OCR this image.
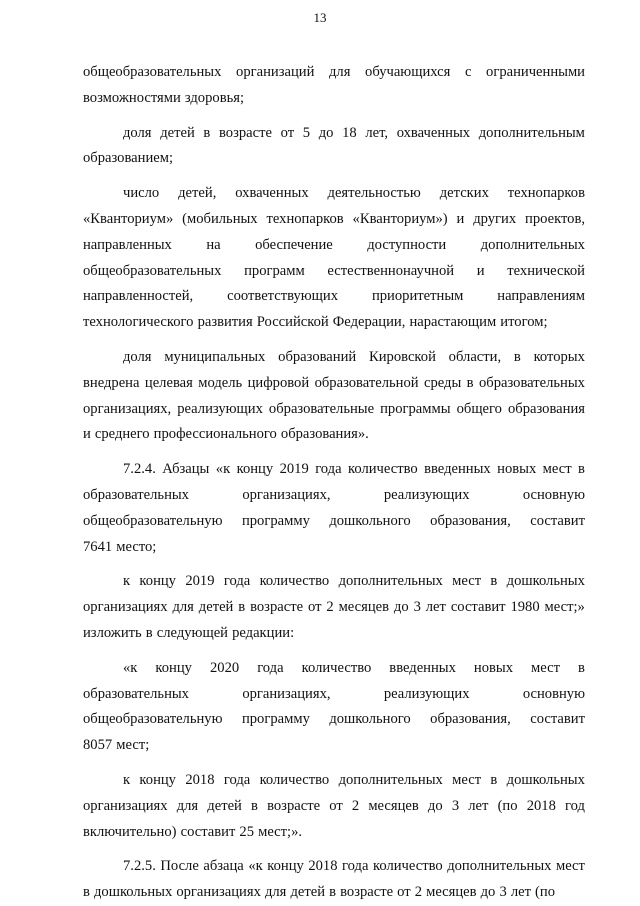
13
общеобразовательных организаций для обучающихся с ограниченными
возможностями здоровья;
доля детей в возрасте от 5 до 18 лет, охваченных дополнительным
образованием;
число детей, охваченных деятельностью детских технопарков
«Кванториум» (мобильных технопарков «Кванториум») и других проектов,
направленных на обеспечение доступности дополнительных
общеобразовательных программ естественнонаучной и технической
направленностей, соответствующих приоритетным направлениям
технологического развития Российской Федерации, нарастающим итогом;
доля муниципальных образований Кировской области, в которых
внедрена целевая модель цифровой образовательной среды в образовательных
организациях, реализующих образовательные программы общего образования
и среднего профессионального образования».
7.2.4. Абзацы «к концу 2019 года количество введенных новых мест в
образовательных	организациях,	реализующих	основную
общеобразовательную программу дошкольного образования, составит
7641 место;
к концу 2019 года количество дополнительных мест в дошкольных
организациях для детей в возрасте от 2 месяцев до 3 лет составит 1980 мест;»
изложить в следующей редакции:
«к концу 2020 года количество введенных новых мест в
образовательных	организациях,	реализующих	основную
общеобразовательную программу дошкольного образования, составит
8057 мест;
к концу 2018 года количество дополнительных мест в дошкольных
организациях для детей в возрасте от 2 месяцев до 3 лет (по 2018 год
включительно) составит 25 мест;».
7.2.5. После абзаца «к концу 2018 года количество дополнительных мест
в дошкольных организациях для детей в возрасте от 2 месяцев до 3 лет (по
